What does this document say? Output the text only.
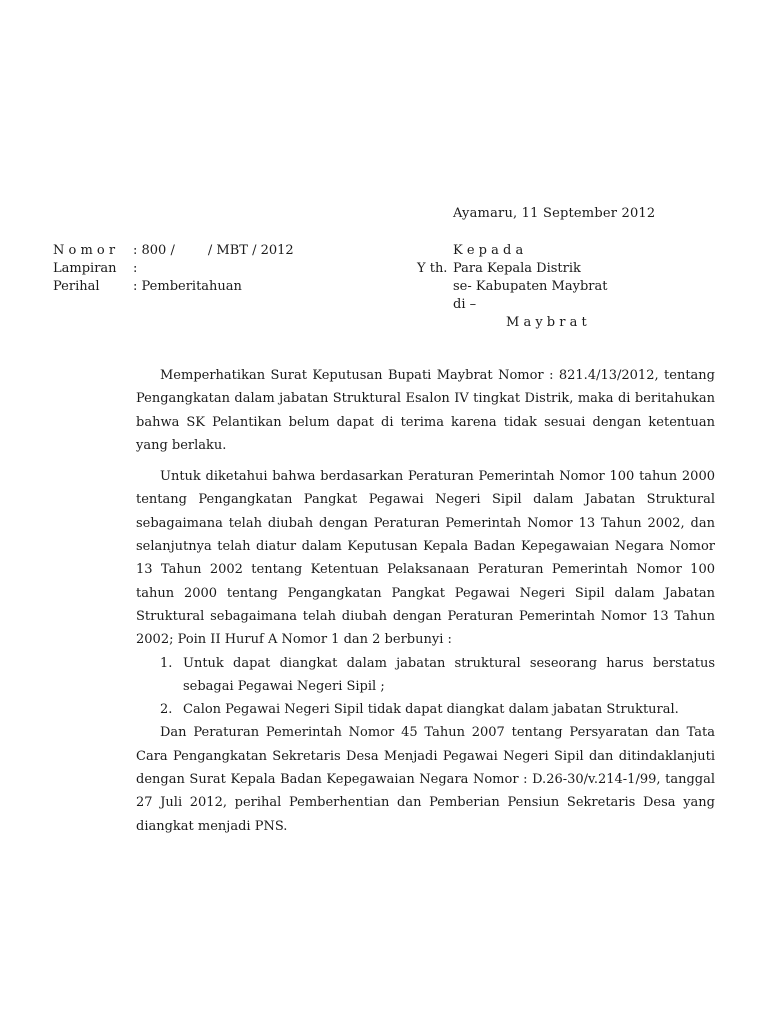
Ayamaru, 11 September 2012
N o m o r : 800 /        / MBT / 2012
Lampiran :
Perihal	: Pemberitahuan
K e p a d a
Y th. Para Kepala Distrik
se- Kabupaten Maybrat
di –
M a y b r a t

Memperhatikan Surat Keputusan Bupati Maybrat Nomor : 821.4/13/2012, tentang Pengangkatan dalam jabatan Struktural Esalon IV tingkat Distrik, maka di beritahukan bahwa SK Pelantikan belum dapat di terima karena tidak sesuai dengan ketentuan yang berlaku.

Untuk diketahui bahwa berdasarkan Peraturan Pemerintah Nomor 100 tahun 2000 tentang Pengangkatan Pangkat Pegawai Negeri Sipil dalam Jabatan Struktural sebagaimana telah diubah dengan Peraturan Pemerintah Nomor 13 Tahun 2002, dan selanjutnya telah diatur dalam Keputusan Kepala Badan Kepegawaian Negara Nomor 13 Tahun 2002 tentang Ketentuan Pelaksanaan Peraturan Pemerintah Nomor 100 tahun 2000 tentang Pengangkatan Pangkat Pegawai Negeri Sipil dalam Jabatan Struktural sebagaimana telah diubah dengan Peraturan Pemerintah Nomor 13 Tahun 2002; Poin II Huruf A Nomor 1 dan 2 berbunyi :

1. Untuk dapat diangkat dalam jabatan struktural seseorang harus berstatus sebagai Pegawai Negeri Sipil ;
2. Calon Pegawai Negeri Sipil tidak dapat diangkat dalam jabatan Struktural.

Dan Peraturan Pemerintah Nomor 45 Tahun 2007 tentang Persyaratan dan Tata Cara Pengangkatan Sekretaris Desa Menjadi Pegawai Negeri Sipil dan ditindaklanjuti dengan Surat Kepala Badan Kepegawaian Negara Nomor : D.26-30/v.214-1/99, tanggal 27 Juli 2012, perihal Pemberhentian dan Pemberian Pensiun Sekretaris Desa yang diangkat menjadi PNS.
